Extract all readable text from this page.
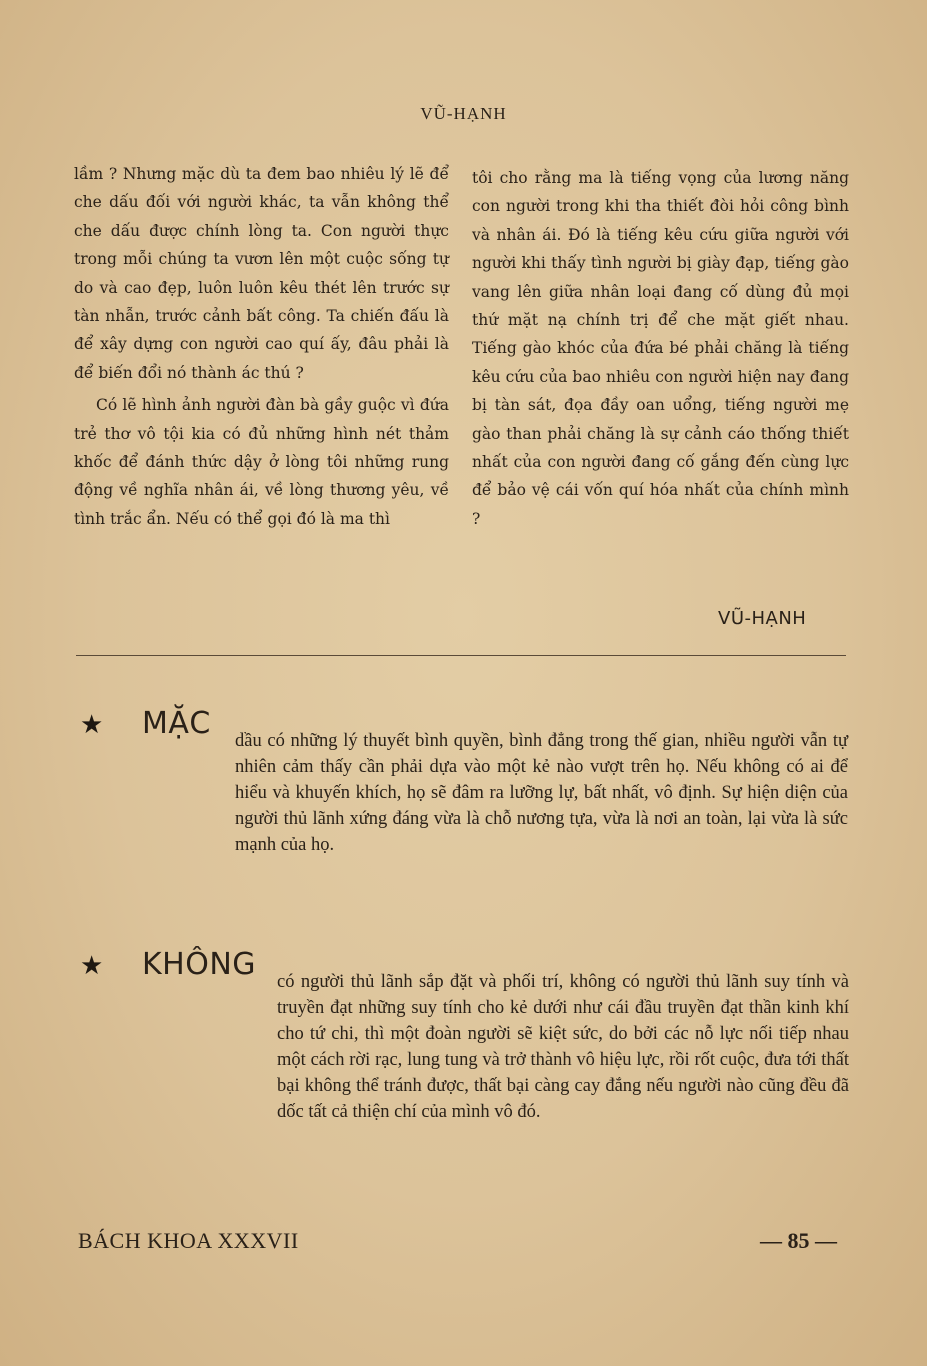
VŨ-HẠNH

lầm ? Nhưng mặc dù ta đem bao nhiêu lý lẽ để che dấu đối với người khác, ta vẫn không thể che dấu được chính lòng ta. Con người thực trong mỗi chúng ta vươn lên một cuộc sống tự do và cao đẹp, luôn luôn kêu thét lên trước sự tàn nhẫn, trước cảnh bất công. Ta chiến đấu là để xây dựng con người cao quí ấy, đâu phải là để biến đổi nó thành ác thú ?

Có lẽ hình ảnh người đàn bà gầy guộc vì đứa trẻ thơ vô tội kia có đủ những hình nét thảm khốc để đánh thức dậy ở lòng tôi những rung động về nghĩa nhân ái, về lòng thương yêu, về tình trắc ẩn. Nếu có thể gọi đó là ma thì

tôi cho rằng ma là tiếng vọng của lương năng con người trong khi tha thiết đòi hỏi công bình và nhân ái. Đó là tiếng kêu cứu giữa người với người khi thấy tình người bị giày đạp, tiếng gào vang lên giữa nhân loại đang cố dùng đủ mọi thứ mặt nạ chính trị để che mặt giết nhau. Tiếng gào khóc của đứa bé phải chăng là tiếng kêu cứu của bao nhiêu con người hiện nay đang bị tàn sát, đọa đầy oan uổng, tiếng người mẹ gào than phải chăng là sự cảnh cáo thống thiết nhất của con người đang cố gắng đến cùng lực để bảo vệ cái vốn quí hóa nhất của chính mình ?

VŨ-HẠNH
★ MẶC dầu có những lý thuyết bình quyền, bình đẳng trong thế gian, nhiều người vẫn tự nhiên cảm thấy cần phải dựa vào một kẻ nào vượt trên họ. Nếu không có ai để hiểu và khuyến khích, họ sẽ đâm ra lưỡng lự, bất nhất, vô định. Sự hiện diện của người thủ lãnh xứng đáng vừa là chỗ nương tựa, vừa là nơi an toàn, lại vừa là sức mạnh của họ.
★ KHÔNG có người thủ lãnh sắp đặt và phối trí, không có người thủ lãnh suy tính và truyền đạt những suy tính cho kẻ dưới như cái đầu truyền đạt thần kinh khí cho tứ chi, thì một đoàn người sẽ kiệt sức, do bởi các nỗ lực nối tiếp nhau một cách rời rạc, lung tung và trở thành vô hiệu lực, rồi rốt cuộc, đưa tới thất bại không thể tránh được, thất bại càng cay đắng nếu người nào cũng đều đã dốc tất cả thiện chí của mình vô đó.
BÁCH KHOA XXXVII	— 85 —
